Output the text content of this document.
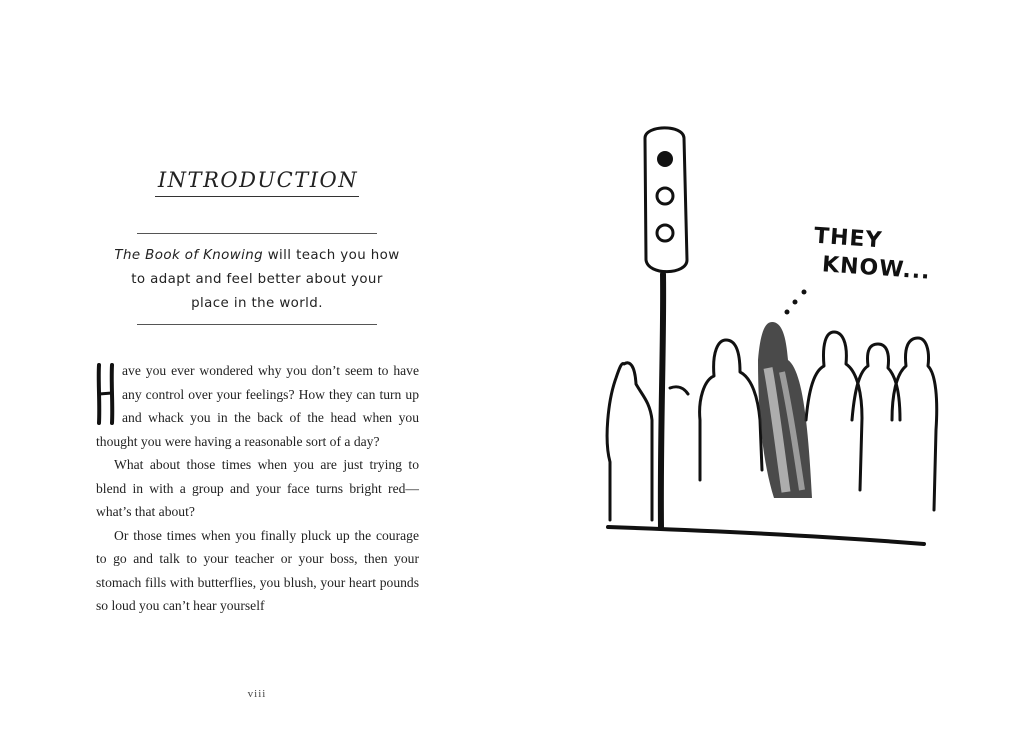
INTRODUCTION
The Book of Knowing will teach you how to adapt and feel better about your place in the world.

ave you ever wondered why you don’t seem to have any control over your feelings? How they can turn up and whack you in the back of the head when you thought you were having a reasonable sort of a day?

What about those times when you are just trying to blend in with a group and your face turns bright red—what’s that about?

Or those times when you finally pluck up the courage to go and talk to your teacher or your boss, then your stomach fills with butterflies, you blush, your heart pounds so loud you can’t hear yourself

viii
THEY
KNOW...
